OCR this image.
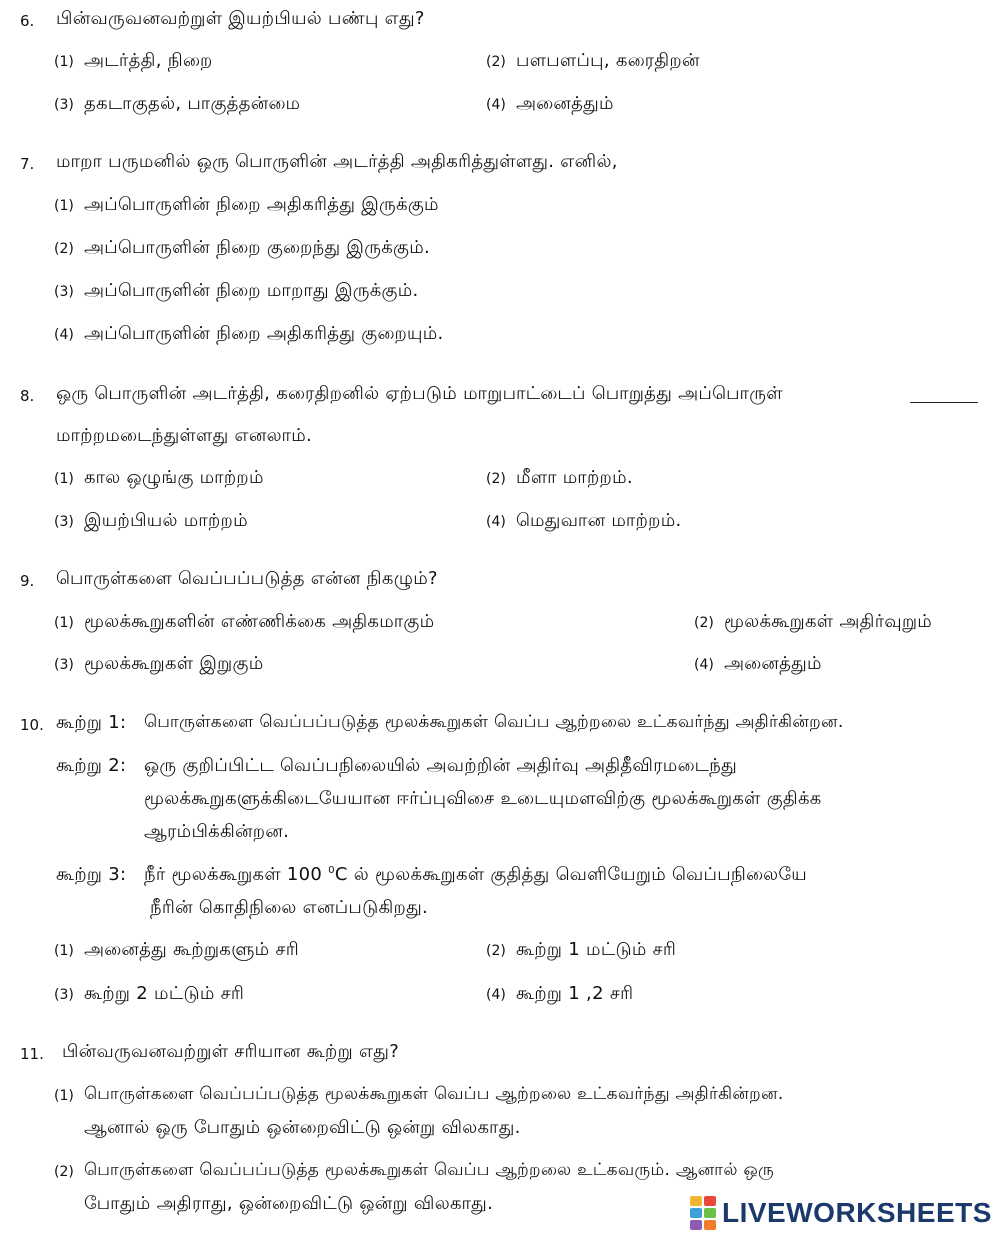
6. பின்வருவனவற்றுள் இயற்பியல் பண்பு எது?
(1) அடர்த்தி, நிறை	(2) பளபளப்பு, கரைதிறன்
(3) தகடாகுதல், பாகுத்தன்மை	(4) அனைத்தும்
7. மாறா பருமனில் ஒரு பொருளின் அடர்த்தி அதிகரித்துள்ளது. எனில்,
(1) அப்பொருளின் நிறை அதிகரித்து இருக்கும்
(2) அப்பொருளின் நிறை குறைந்து இருக்கும்.
(3) அப்பொருளின் நிறை மாறாது இருக்கும்.
(4) அப்பொருளின் நிறை அதிகரித்து குறையும்.
8. ஒரு பொருளின் அடர்த்தி, கரைதிறனில் ஏற்படும் மாறுபாட்டைப் பொறுத்து அப்பொருள்
மாற்றமடைந்துள்ளது எனலாம்.
(1) கால ஒழுங்கு மாற்றம்	(2) மீளா மாற்றம்.
(3) இயற்பியல் மாற்றம்	(4) மெதுவான மாற்றம்.
9. பொருள்களை வெப்பப்படுத்த என்ன நிகழும்?
(1) மூலக்கூறுகளின் எண்ணிக்கை அதிகமாகும்	(2) மூலக்கூறுகள் அதிர்வுறும்
(3) மூலக்கூறுகள் இறுகும்	(4) அனைத்தும்
10. கூற்று 1: பொருள்களை வெப்பப்படுத்த மூலக்கூறுகள் வெப்ப ஆற்றலை உட்கவர்ந்து அதிர்கின்றன.
கூற்று 2: ஒரு குறிப்பிட்ட வெப்பநிலையில் அவற்றின் அதிர்வு அதிதீவிரமடைந்து
மூலக்கூறுகளுக்கிடையேயான ஈர்ப்புவிசை உடையுமளவிற்கு மூலக்கூறுகள் குதிக்க
ஆரம்பிக்கின்றன.
கூற்று 3: நீர் மூலக்கூறுகள் 100 $^0$C ல் மூலக்கூறுகள் குதித்து வெளியேறும் வெப்பநிலையே
நீரின் கொதிநிலை எனப்படுகிறது.
(1) அனைத்து கூற்றுகளும் சரி	(2) கூற்று 1 மட்டும் சரி
(3) கூற்று 2 மட்டும் சரி	(4) கூற்று 1 ,2 சரி
11. பின்வருவனவற்றுள் சரியான கூற்று எது?
(1) பொருள்களை வெப்பப்படுத்த மூலக்கூறுகள் வெப்ப ஆற்றலை உட்கவர்ந்து அதிர்கின்றன.
ஆனால் ஒரு போதும் ஒன்றைவிட்டு ஒன்று விலகாது.
(2) பொருள்களை வெப்பப்படுத்த மூலக்கூறுகள் வெப்ப ஆற்றலை உட்கவரும். ஆனால் ஒரு
போதும் அதிராது, ஒன்றைவிட்டு ஒன்று விலகாது.	LIVEWORKSHEETS
